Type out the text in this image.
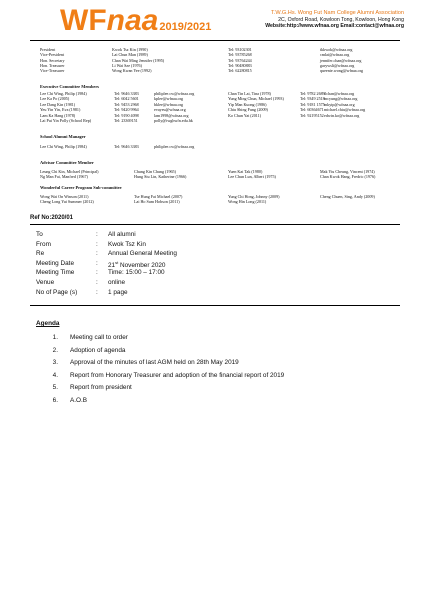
WFnaa2019/2021
T.W.G.Hs. Wong Fut Nam College Alumni Association
2C, Oxford Road, Kowloon Tong, Kowloon, Hong Kong
Website:http://www.wfnaa.org Email:contact@wfnaa.org
President	Kwok Tsz Kin (1990)	Tel: 93102301	tkkwok@wfnaa.org
Vice-President	Lai Chun Man (1989)	Tel: 93785268	cmlai@wfnaa.org
Hon. Secretary	Chan Wai Ming Jennifer (1995)	Tel: 93764244	jennifer.chan@wfnaa.org
Hon. Treasurer	Li Wai Sze (1976)	Tel: 90480883	garywsli@wfnaa.org
Vice-Treasurer	Wong Kwan Yee (1992)	Tel: 62280815	queenie.wong@wfnaa.org
Executive Committee Members
Lee Chi Wing, Philip (1984)	Tel: 9646 3383	philiplee.cw@wfnaa.org	Chan Tin Lai, Tina (1978)	Tel: 9782 2689 tlchan@wfnaa.org
Lee Ka Po (2005)	Tel: 6042 5601	kplee@wfnaa.org	Yung Ming Chun, Michael (1993)	Tel: 9349 2518 mcyung@wfnaa.org
Lee Dang Kin (1981)	Tel: 9453 2968	bklee@wfnaa.org	Yip Man Kuong (1986)	Tel: 9181 1575 mkyip@wfnaa.org
Yeu Yin Yin, Eva (1981)	Tel: 9420 9964	evayeu@wfnaa.org	Chiu Shing Fung (2009)	Tel: 60364671 michael.chiu@wfnaa.org
Lam Ka Hang (1978)	Tel: 9190 4098	lam1998@wfnaa.org	Ko Chun Yat (2011)	Tel: 92195152 edwin.ko@wfnaa.org
Lai Pui Yin Polly (School Rep)	Tel: 23369151	polly@twghwfn.edu.hk
School Alumni Manager
Lee Chi Wing, Philip (1984)	Tel: 9646 3383	philiplee.cw@wfnaa.org
Advisor Committee Member
Leung Chi Kin, Michael (Principal)	Chung Kin Chung (1965)	Yuen Kai Tak (1980)	Mak Yiu Cheung, Vincent (1974)
Ng Man Fai, Manfred (1967)	Hung Siu Lin, Katherine (1966)	Lee Chun Lun, Albert (1975)	Chan Kwok Hang, Fredric (1976)
Wonderful Career Program Sub-committee
Wong Wai On Winson (2011)	Tse Hung Fai Michael (2007)	Yung Chi Hong, Johnny (2009)	Cheng Chuen, Sing, Andy (2009)
Cheng Long Yui Summer (2012)	Lai Ho Sum Hobson (2011)	Wong Hin Long (2011)
Ref No:2020/01
To	: All alumni
From	: Kwok Tsz Kin
Re	: Annual General Meeting
Meeting Date	: 21st November 2020
Meeting Time	: Time: 15:00 – 17:00
Venue	: online
No of Page (s)	: 1 page
Agenda
1. Meeting call to order
2. Adoption of agenda
3. Approval of the minutes of last AGM held on 28th May 2019
4. Report from Honorary Treasurer and adoption of the financial report of 2019
5. Report from president
6. A.O.B
